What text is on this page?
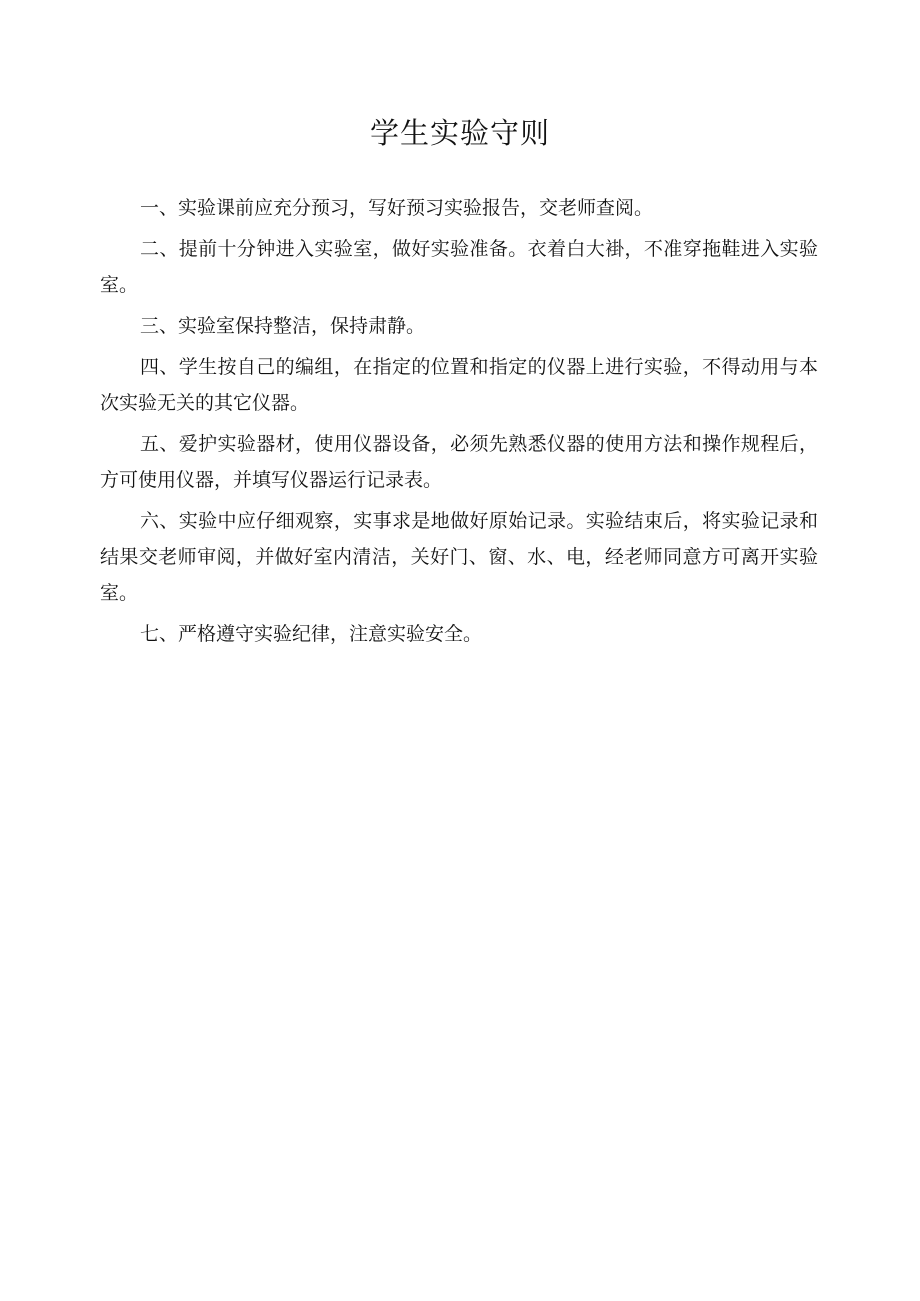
学生实验守则

一、实验课前应充分预习，写好预习实验报告，交老师查阅。

二、提前十分钟进入实验室，做好实验准备。衣着白大褂，不准穿拖鞋进入实验室。

三、实验室保持整洁，保持肃静。

四、学生按自己的编组，在指定的位置和指定的仪器上进行实验，不得动用与本次实验无关的其它仪器。

五、爱护实验器材，使用仪器设备，必须先熟悉仪器的使用方法和操作规程后，方可使用仪器，并填写仪器运行记录表。

六、实验中应仔细观察，实事求是地做好原始记录。实验结束后，将实验记录和结果交老师审阅，并做好室内清洁，关好门、窗、水、电，经老师同意方可离开实验室。

七、严格遵守实验纪律，注意实验安全。
